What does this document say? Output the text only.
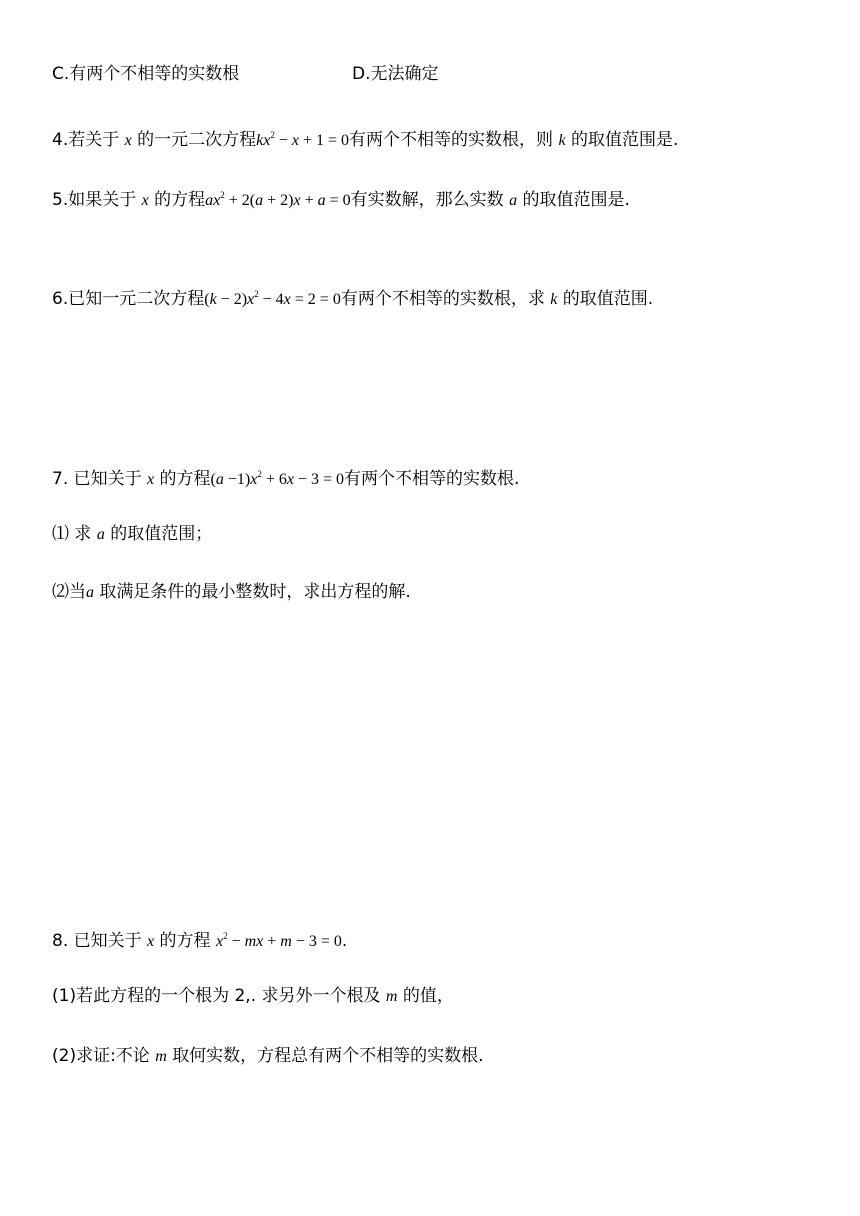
C.有两个不相等的实数根	D.无法确定
4.若关于 x 的一元二次方程$kx^2 - x + 1 = 0$有两个不相等的实数根，则 k 的取值范围是.
5.如果关于 x 的方程$ax^2 + 2(a + 2)x + a = 0$有实数解，那么实数 a 的取值范围是.
6.已知一元二次方程$(k - 2)x^2 - 4x = 2 = 0$有两个不相等的实数根，求 k 的取值范围.
7. 已知关于 x 的方程$(a -1)x^2 + 6x - 3 = 0$有两个不相等的实数根.
⑴ 求 a 的取值范围；
⑵当a 取满足条件的最小整数时，求出方程的解.
8. 已知关于 x 的方程 $x^2$ − mx + m − 3 = 0.
(1)若此方程的一个根为 2,. 求另外一个根及 m 的值，
(2)求证:不论 m 取何实数，方程总有两个不相等的实数根.
